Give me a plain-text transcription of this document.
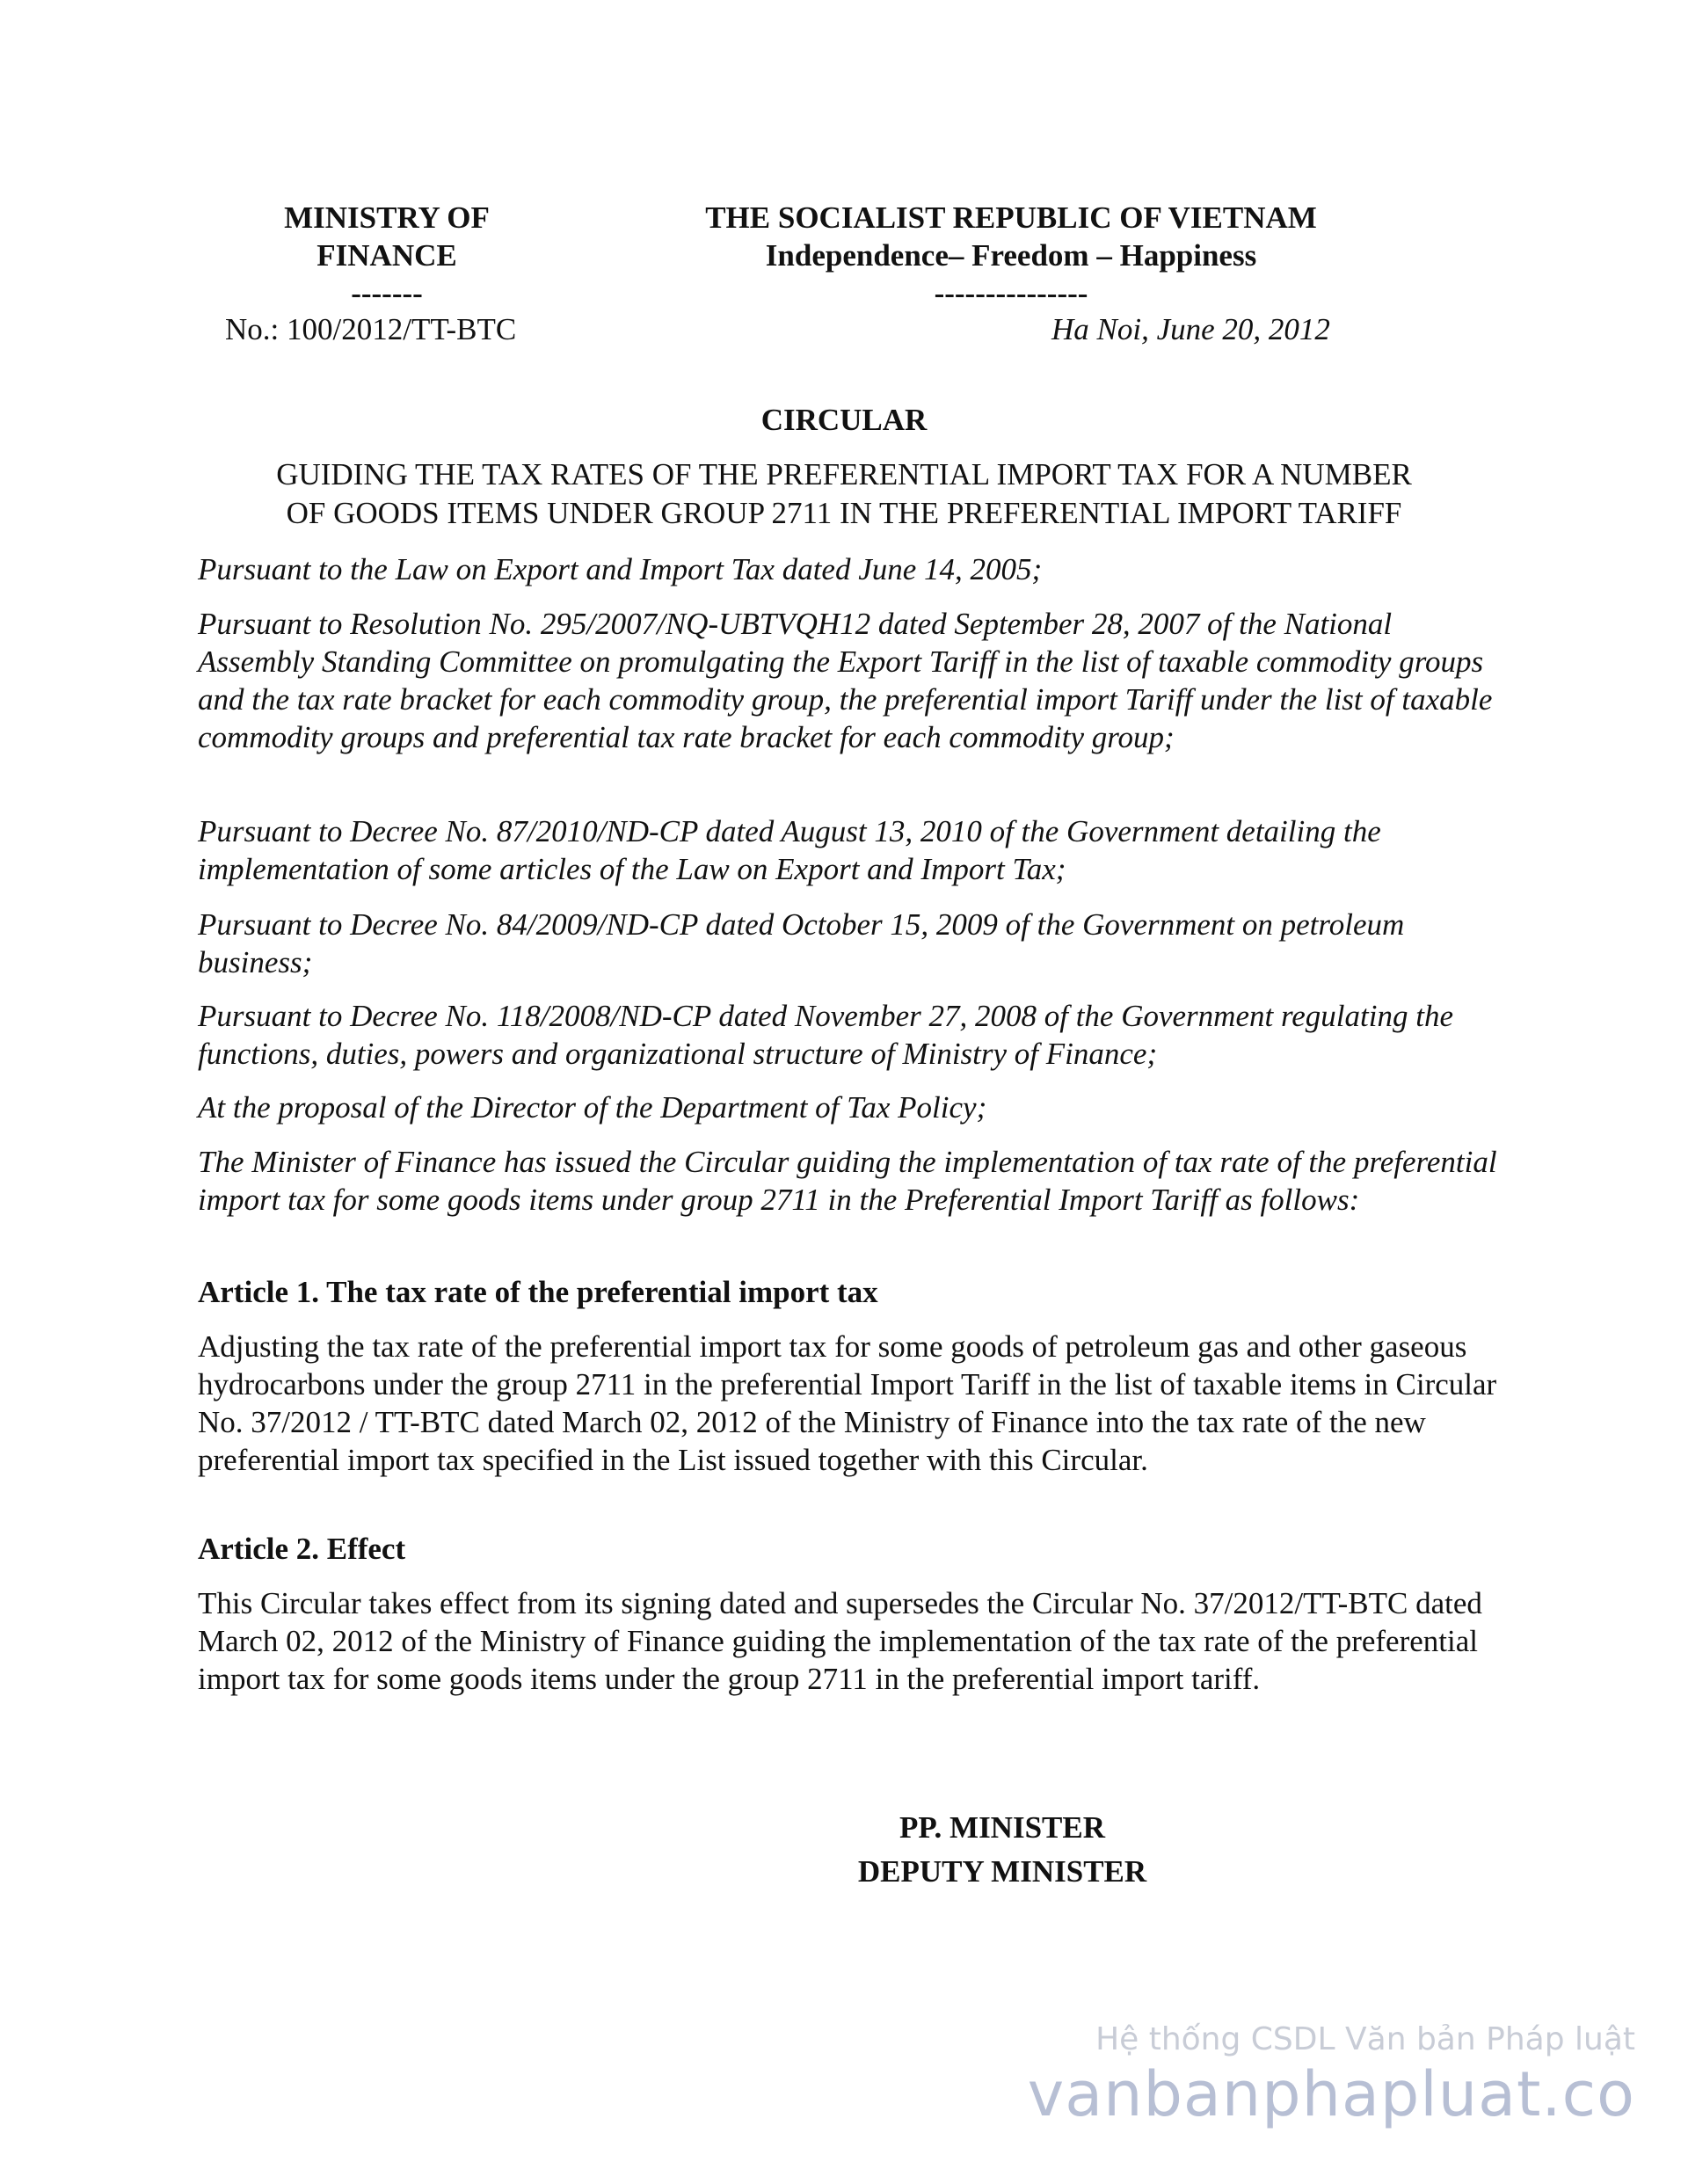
MINISTRY OF
FINANCE
-------
THE SOCIALIST REPUBLIC OF VIETNAM
Independence– Freedom – Happiness
---------------
No.: 100/2012/TT-BTC	Ha Noi, June 20, 2012
CIRCULAR
GUIDING THE TAX RATES OF THE PREFERENTIAL IMPORT TAX FOR A NUMBER
OF GOODS ITEMS UNDER GROUP 2711 IN THE PREFERENTIAL IMPORT TARIFF

Pursuant to the Law on Export and Import Tax dated June 14, 2005;

Pursuant to Resolution No. 295/2007/NQ-UBTVQH12 dated September 28, 2007 of the National Assembly Standing Committee on promulgating the Export Tariff in the list of taxable commodity groups and the tax rate bracket for each commodity group, the preferential import Tariff under the list of taxable commodity groups and preferential tax rate bracket for each commodity group;

Pursuant to Decree No. 87/2010/ND-CP dated August 13, 2010 of the Government detailing the implementation of some articles of the Law on Export and Import Tax;

Pursuant to Decree No. 84/2009/ND-CP dated October 15, 2009 of the Government on petroleum business;

Pursuant to Decree No. 118/2008/ND-CP dated November 27, 2008 of the Government regulating the functions, duties, powers and organizational structure of Ministry of Finance;

At the proposal of the Director of the Department of Tax Policy;

The Minister of Finance has issued the Circular guiding the implementation of tax rate of the preferential import tax for some goods items under group 2711 in the Preferential Import Tariff as follows:

Article 1. The tax rate of the preferential import tax

Adjusting the tax rate of the preferential import tax for some goods of petroleum gas and other gaseous hydrocarbons under the group 2711 in the preferential Import Tariff in the list of taxable items in Circular No. 37/2012 / TT-BTC dated March 02, 2012 of the Ministry of Finance into the tax rate of the new preferential import tax specified in the List issued together with this Circular.

Article 2. Effect

This Circular takes effect from its signing dated and supersedes the Circular No. 37/2012/TT-BTC dated March 02, 2012 of the Ministry of Finance guiding the implementation of the tax rate of the preferential import tax for some goods items under the group 2711 in the preferential import tariff.

PP. MINISTER
DEPUTY MINISTER
Hệ thống CSDL Văn bản Pháp luật
vanbanphapluat.co
